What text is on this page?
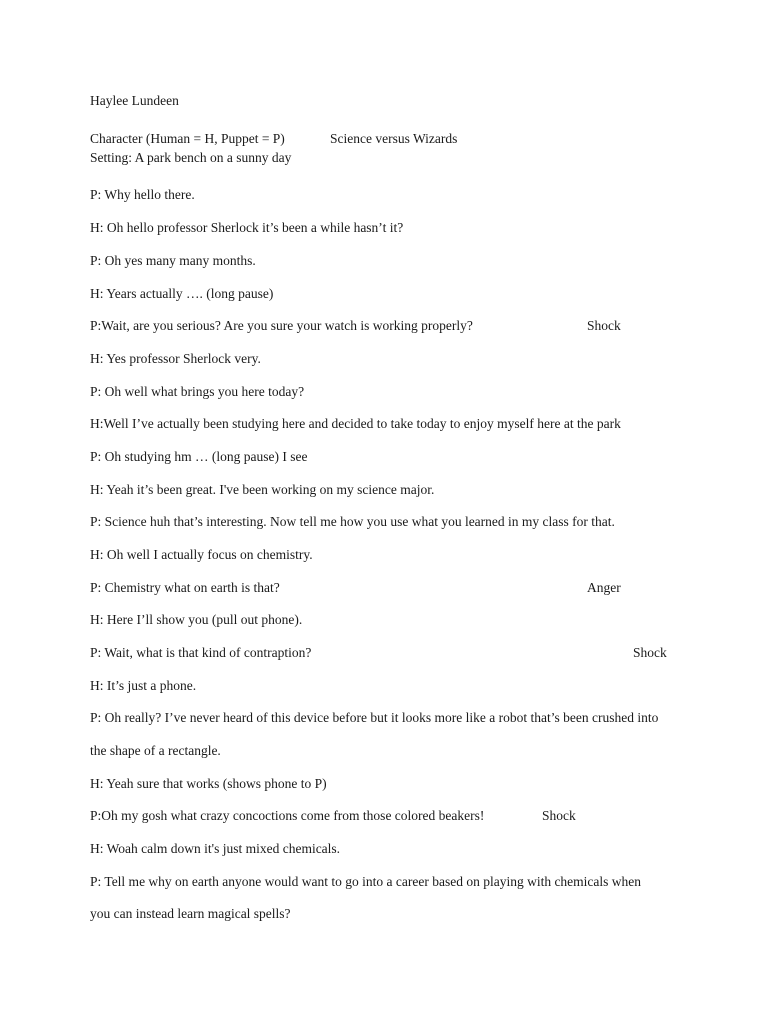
Haylee Lundeen
Character (Human = H, Puppet = P)	Science versus Wizards
Setting: A park bench on a sunny day
P: Why hello there.
H: Oh hello professor Sherlock it’s been a while hasn’t it?
P: Oh yes many many months.
H: Years actually …. (long pause)
P:Wait, are you serious? Are you sure your watch is working properly?	Shock
H: Yes professor Sherlock very.
P: Oh well what brings you here today?
H:Well I’ve actually been studying here and decided to take today to enjoy myself here at the park
P: Oh studying hm … (long pause) I see
H: Yeah it’s been great. I've been working on my science major.
P: Science huh that’s interesting. Now tell me how you use what you learned in my class for that.
H: Oh well I actually focus on chemistry.
P: Chemistry what on earth is that?	Anger
H: Here I’ll show you (pull out phone).
P: Wait, what is that kind of contraption?	Shock
H: It’s just a phone.
P: Oh really? I’ve never heard of this device before but it looks more like a robot that’s been crushed into
the shape of a rectangle.
H: Yeah sure that works (shows phone to P)
P:Oh my gosh what crazy concoctions come from those colored beakers!	Shock
H: Woah calm down it's just mixed chemicals.
P: Tell me why on earth anyone would want to go into a career based on playing with chemicals when
you can instead learn magical spells?
